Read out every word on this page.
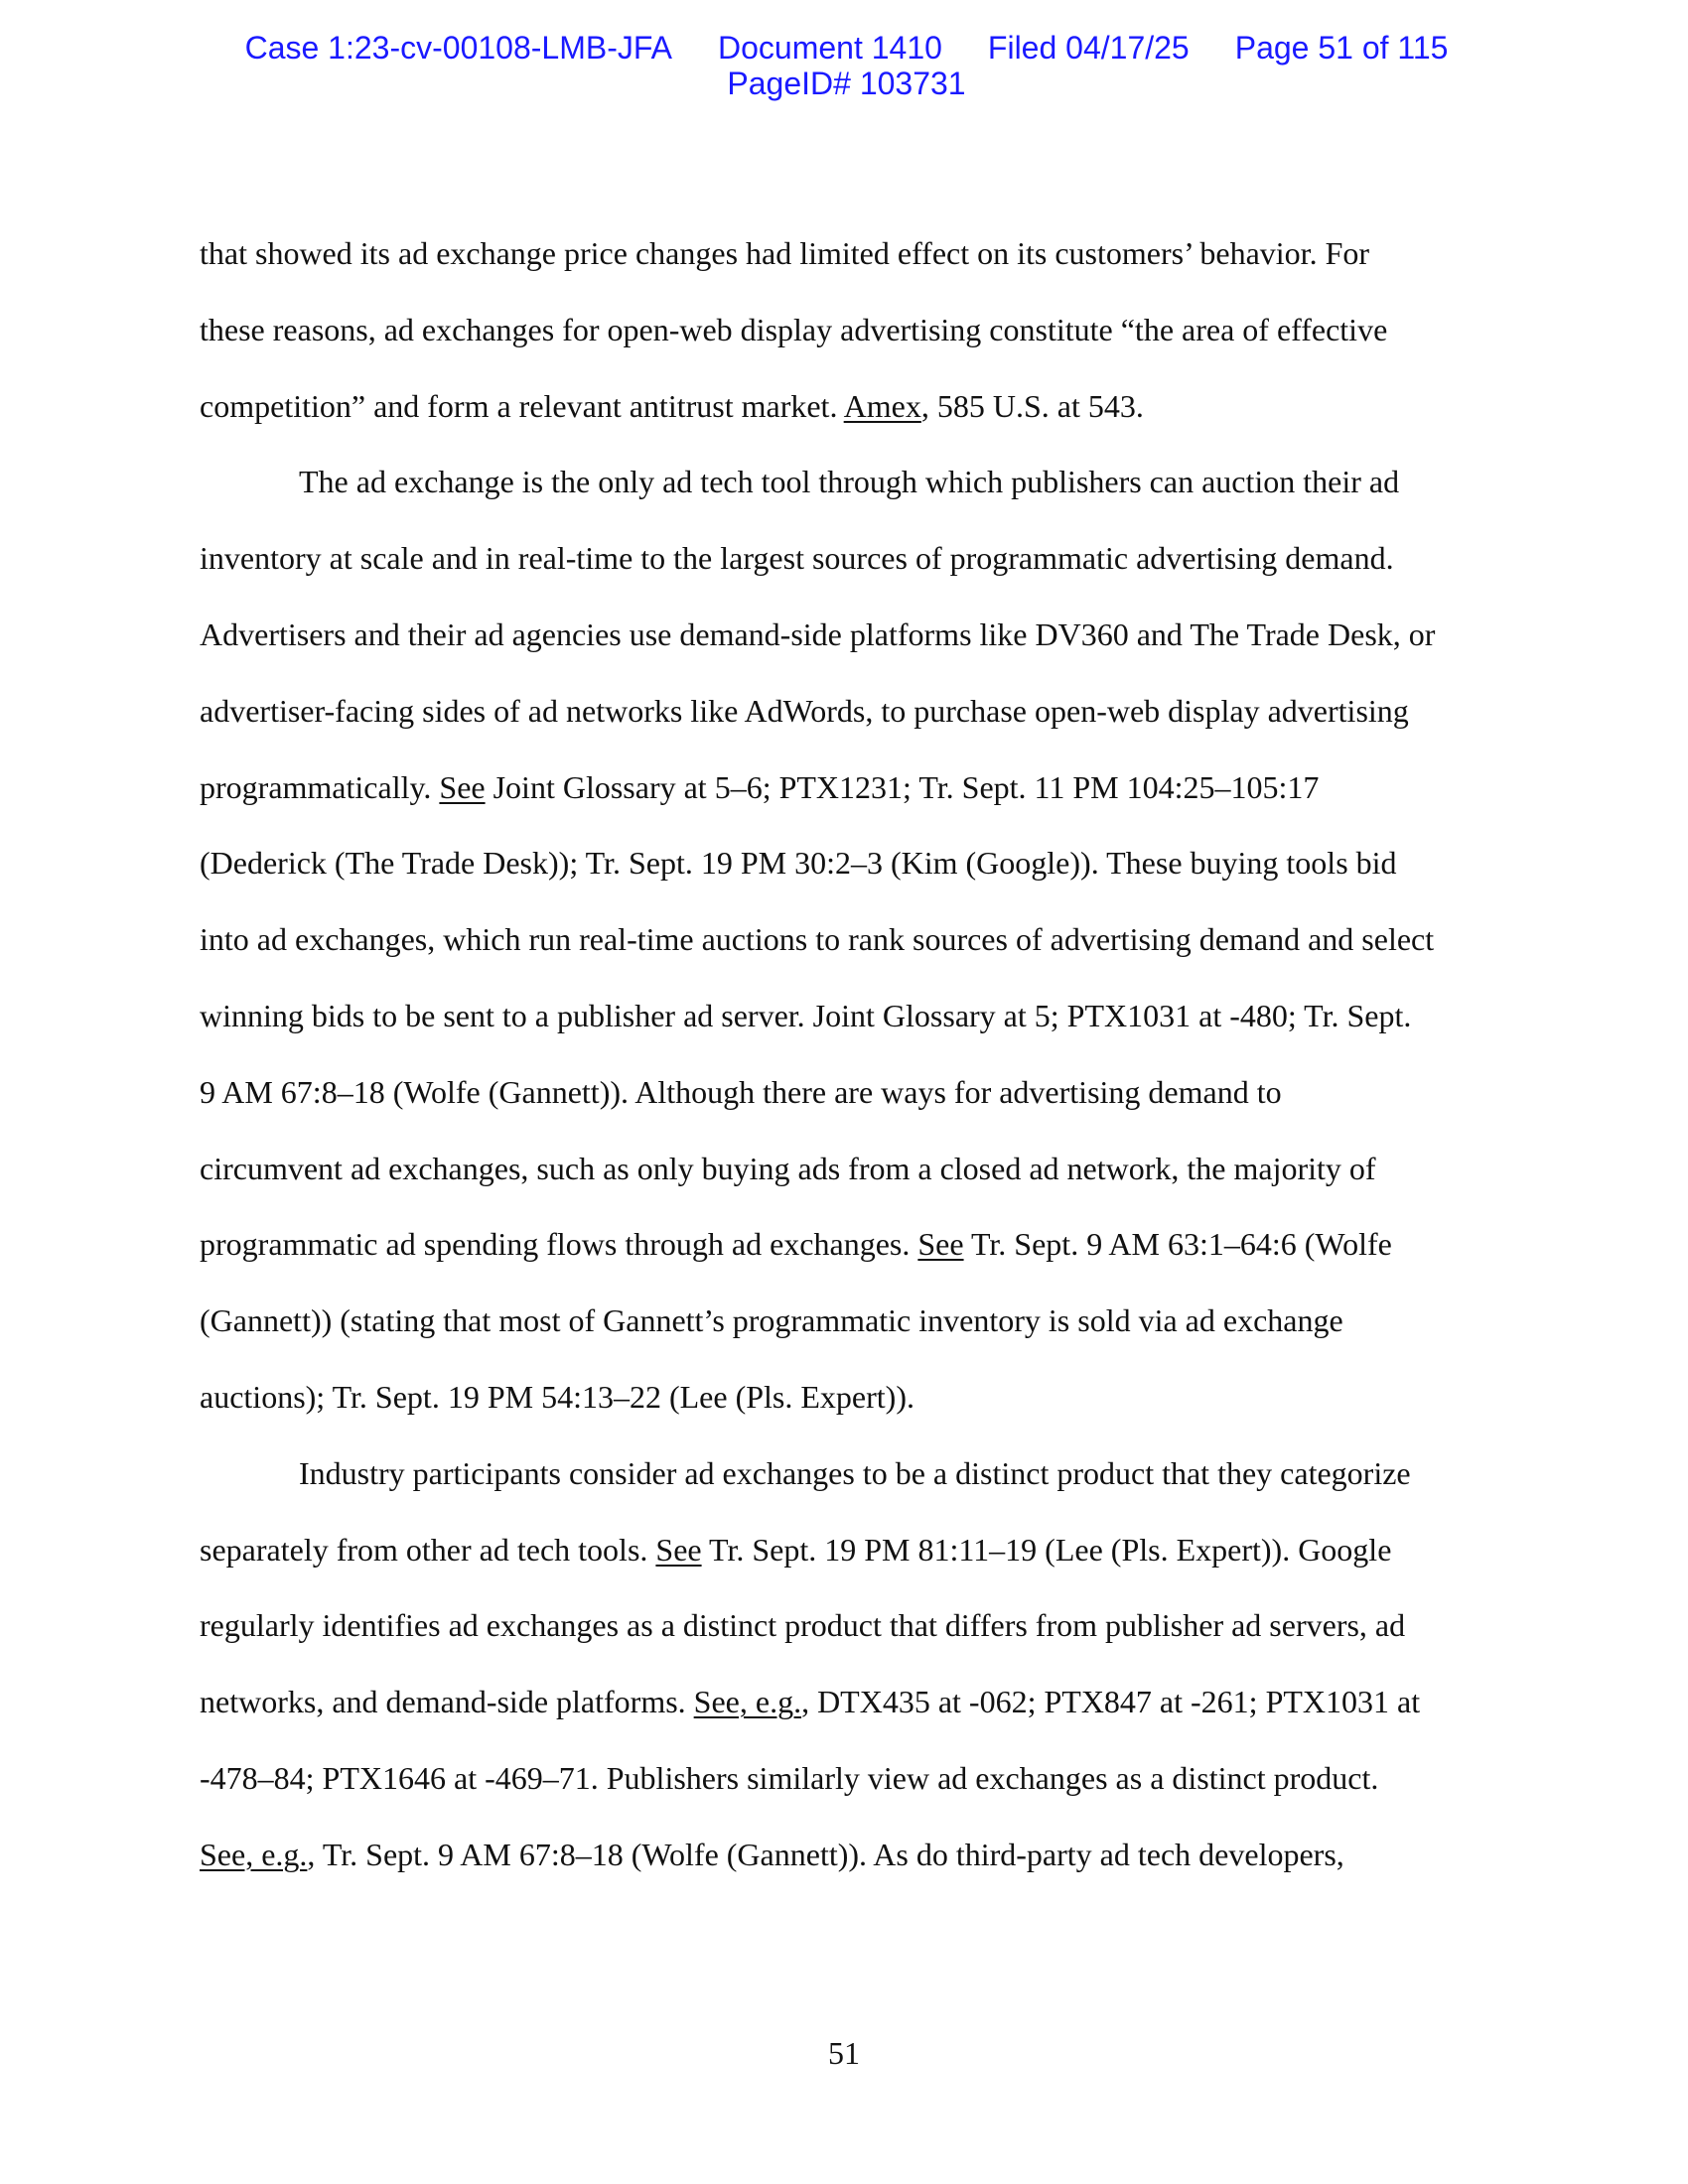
Case 1:23-cv-00108-LMB-JFA Document 1410 Filed 04/17/25 Page 51 of 115
PageID# 103731
that showed its ad exchange price changes had limited effect on its customers’ behavior. For
these reasons, ad exchanges for open-web display advertising constitute “the area of effective
competition” and form a relevant antitrust market. Amex, 585 U.S. at 543.
The ad exchange is the only ad tech tool through which publishers can auction their ad
inventory at scale and in real-time to the largest sources of programmatic advertising demand.
Advertisers and their ad agencies use demand-side platforms like DV360 and The Trade Desk, or
advertiser-facing sides of ad networks like AdWords, to purchase open-web display advertising
programmatically. See Joint Glossary at 5–6; PTX1231; Tr. Sept. 11 PM 104:25–105:17
(Dederick (The Trade Desk)); Tr. Sept. 19 PM 30:2–3 (Kim (Google)). These buying tools bid
into ad exchanges, which run real-time auctions to rank sources of advertising demand and select
winning bids to be sent to a publisher ad server. Joint Glossary at 5; PTX1031 at -480; Tr. Sept.
9 AM 67:8–18 (Wolfe (Gannett)). Although there are ways for advertising demand to
circumvent ad exchanges, such as only buying ads from a closed ad network, the majority of
programmatic ad spending flows through ad exchanges. See Tr. Sept. 9 AM 63:1–64:6 (Wolfe
(Gannett)) (stating that most of Gannett’s programmatic inventory is sold via ad exchange
auctions); Tr. Sept. 19 PM 54:13–22 (Lee (Pls. Expert)).
Industry participants consider ad exchanges to be a distinct product that they categorize
separately from other ad tech tools. See Tr. Sept. 19 PM 81:11–19 (Lee (Pls. Expert)). Google
regularly identifies ad exchanges as a distinct product that differs from publisher ad servers, ad
networks, and demand-side platforms. See, e.g., DTX435 at -062; PTX847 at -261; PTX1031 at
-478–84; PTX1646 at -469–71. Publishers similarly view ad exchanges as a distinct product.
See, e.g., Tr. Sept. 9 AM 67:8–18 (Wolfe (Gannett)). As do third-party ad tech developers,
51
